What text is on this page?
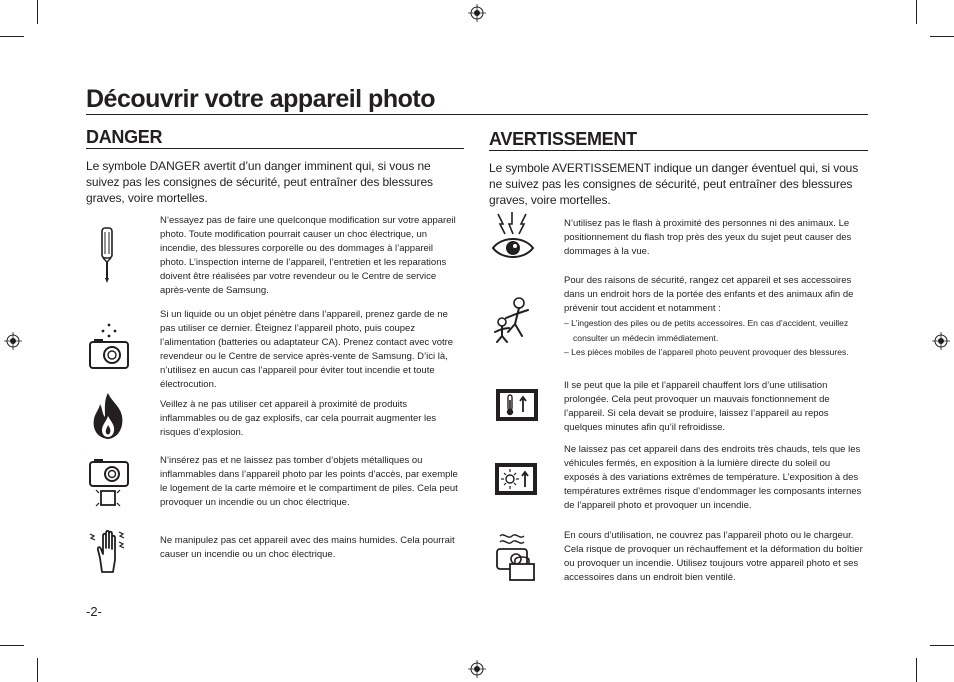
Découvrir votre appareil photo
DANGER
Le symbole DANGER avertit d’un danger imminent qui, si vous ne suivez pas les consignes de sécurité, peut entraîner des blessures graves, voire mortelles.
N’essayez pas de faire une quelconque modification sur votre appareil photo. Toute modification pourrait causer un choc électrique, un incendie, des blessures corporelle ou des dommages à l’appareil photo. L’inspection interne de l’appareil, l’entretien et les reparations doivent être réalisées par votre revendeur ou le Centre de service après-vente de Samsung.
Si un liquide ou un objet pénètre dans l’appareil, prenez garde de ne pas utiliser ce dernier. Éteignez l’appareil photo, puis coupez l’alimentation (batteries ou adaptateur CA). Prenez contact avec votre revendeur ou le Centre de service après-vente de Samsung. D’ici là, n’utilisez en aucun cas l’appareil pour éviter tout incendie et toute électrocution.
Veillez à ne pas utiliser cet appareil à proximité de produits inflammables ou de gaz explosifs, car cela pourrait augmenter les risques d’explosion.
N’insérez pas et ne laissez pas tomber d’objets métalliques ou inflammables dans l’appareil photo par les points d’accès, par exemple le logement de la carte mémoire et le compartiment de piles. Cela peut provoquer un incendie ou un choc électrique.
Ne manipulez pas cet appareil avec des mains humides. Cela pourrait causer un incendie ou un choc électrique.
AVERTISSEMENT
Le symbole AVERTISSEMENT indique un danger éventuel qui, si vous ne suivez pas les consignes de sécurité, peut entraîner des blessures graves, voire mortelles.
N’utilisez pas le flash à proximité des personnes ni des animaux. Le positionnement du flash trop près des yeux du sujet peut causer des dommages à la vue.

Pour des raisons de sécurité, rangez cet appareil et ses accessoires dans un endroit hors de la portée des enfants et des animaux afin de prévenir tout accident et notamment :

– L’ingestion des piles ou de petits accessoires. En cas d’accident, veuillez consulter un médecin immédiatement.

– Les pièces mobiles de l’appareil photo peuvent provoquer des blessures.

Il se peut que la pile et l’appareil chauffent lors d’une utilisation prolongée. Cela peut provoquer un mauvais fonctionnement de l’appareil. Si cela devait se produire, laissez l’appareil au repos quelques minutes afin qu’il refroidisse.
Ne laissez pas cet appareil dans des endroits très chauds, tels que les véhicules fermés, en exposition à la lumière directe du soleil ou exposés à des variations extrêmes de température. L’exposition à des températures extrêmes risque d’endommager les composants internes de l’appareil photo et provoquer un incendie.
En cours d’utilisation, ne couvrez pas l’appareil photo ou le chargeur. Cela risque de provoquer un réchauffement et la déformation du boîtier ou provoquer un incendie. Utilisez toujours votre appareil photo et ses accessoires dans un endroit bien ventilé.
-2-
